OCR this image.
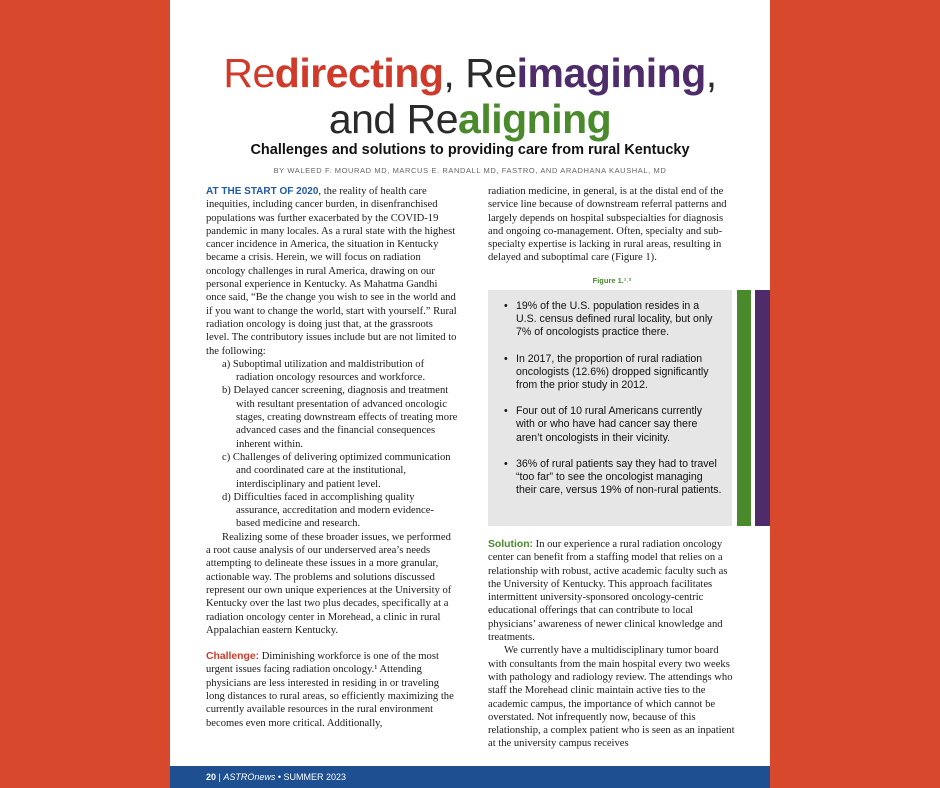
Redirecting, Reimagining,
and Realigning
Challenges and solutions to providing care from rural Kentucky
BY WALEED F. MOURAD MD, MARCUS E. RANDALL MD, FASTRO, AND ARADHANA KAUSHAL, MD

AT THE START OF 2020, the reality of health care inequities, including cancer burden, in disenfranchised populations was further exacerbated by the COVID-19 pandemic in many locales. As a rural state with the highest cancer incidence in America, the situation in Kentucky became a crisis. Herein, we will focus on radiation oncology challenges in rural America, drawing on our personal experience in Kentucky. As Mahatma Gandhi once said, “Be the change you wish to see in the world and if you want to change the world, start with yourself.” Rural radiation oncology is doing just that, at the grassroots level. The contributory issues include but are not limited to the following:

a) Suboptimal utilization and maldistribution of radiation oncology resources and workforce.
b) Delayed cancer screening, diagnosis and treatment with resultant presentation of advanced oncologic stages, creating downstream effects of treating more advanced cases and the financial consequences inherent within.
c) Challenges of delivering optimized communication and coordinated care at the institutional, interdisciplinary and patient level.
d) Difficulties faced in accomplishing quality assurance, accreditation and modern evidence-based medicine and research.

Realizing some of these broader issues, we performed a root cause analysis of our underserved area’s needs attempting to delineate these issues in a more granular, actionable way. The problems and solutions discussed represent our own unique experiences at the University of Kentucky over the last two plus decades, specifically at a radiation oncology center in Morehead, a clinic in rural Appalachian eastern Kentucky.

Challenge: Diminishing workforce is one of the most urgent issues facing radiation oncology.¹ Attending physicians are less interested in residing in or traveling long distances to rural areas, so efficiently maximizing the currently available resources in the rural environment becomes even more critical. Additionally,

radiation medicine, in general, is at the distal end of the service line because of downstream referral patterns and largely depends on hospital subspecialties for diagnosis and ongoing co-management. Often, specialty and sub-specialty expertise is lacking in rural areas, resulting in delayed and suboptimal care (Figure 1).

Figure 1.¹˒²
• 19% of the U.S. population resides in a U.S. census defined rural locality, but only 7% of oncologists practice there.
• In 2017, the proportion of rural radiation oncologists (12.6%) dropped significantly from the prior study in 2012.
• Four out of 10 rural Americans currently with or who have had cancer say there aren’t oncologists in their vicinity.
• 36% of rural patients say they had to travel “too far” to see the oncologist managing their care, versus 19% of non-rural patients.

Solution: In our experience a rural radiation oncology center can benefit from a staffing model that relies on a relationship with robust, active academic faculty such as the University of Kentucky. This approach facilitates intermittent university-sponsored oncology-centric educational offerings that can contribute to local physicians’ awareness of newer clinical knowledge and treatments.

We currently have a multidisciplinary tumor board with consultants from the main hospital every two weeks with pathology and radiology review. The attendings who staff the Morehead clinic maintain active ties to the academic campus, the importance of which cannot be overstated. Not infrequently now, because of this relationship, a complex patient who is seen as an inpatient at the university campus receives

20 | ASTROnews • SUMMER 2023
